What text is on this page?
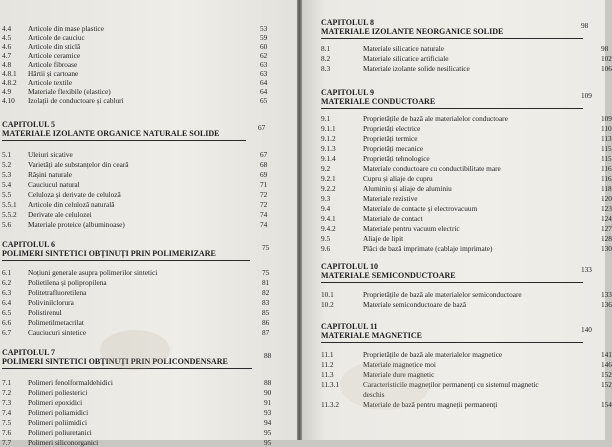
4.4 Articole din mase plastice	53
4.5 Articole de cauciuc	59
4.6 Articole din sticlă	60
4.7 Articole ceramice	62
4.8 Articole fibroase	63
4.8.1 Hârtii și cartoane	63
4.8.2 Articole textile	64
4.9 Materiale flexibile (elastice)	64
4.10 Izolații de conductoare și cabluri	65
CAPITOLUL 5
MATERIALE IZOLANTE ORGANICE NATURALE SOLIDE
67
5.1 Uleiuri sicative	67
5.2 Varietăți ale substanțelor din ceară	68
5.3 Rășini naturale	69
5.4 Cauciucul natural	71
5.5 Celuloza și derivate de celuloză	72
5.5.1 Articole din celuloză naturală	72
5.5.2 Derivate ale celulozei	74
5.6 Materiale proteice (albuminoase)	74
CAPITOLUL 6
POLIMERI SINTETICI OBȚINUȚI PRIN POLIMERIZARE
75
6.1 Noțiuni generale asupra polimerilor sintetici	75
6.2 Polietilena și polipropilena	81
6.3 Politetrafluoretilena	82
6.4 Polivinilclorura	83
6.5 Polistirenul	85
6.6 Polimetilmetacrilat	86
6.7 Cauciucuri sintetice	87
CAPITOLUL 7
POLIMERI SINTETICI OBȚINUȚI PRIN POLICONDENSARE
88
7.1 Polimeri fenolformaldehidici	88
7.2 Polimeri poliesterici	90
7.3 Polimeri epoxidici	91
7.4 Polimeri poliamidici	93
7.5 Polimeri poliimidici	94
7.6 Polimeri poliuretanici	95
7.7 Polimeri siliconorganici	95
CAPITOLUL 8
MATERIALE IZOLANTE NEORGANICE SOLIDE
98
8.1	Materiale silicatice naturale	98
8.2	Materiale silicatice artificiale	102
8.3	Materiale izolante solide nesilicatice	106
CAPITOLUL 9
MATERIALE CONDUCTOARE
109
9.1	Proprietățile de bază ale materialelor conductoare	109
9.1.1	Proprietăți electrice	110
9.1.2	Proprietăți termice	113
9.1.3	Proprietăți mecanice	115
9.1.4	Proprietăți tehnologice	115
9.2	Materiale conductoare cu conductibilitate mare	116
9.2.1	Cupru și aliaje de cupru	116
9.2.2	Aluminiu și aliaje de aluminiu	118
9.3	Materiale rezistive	120
9.4	Materiale de contacte și electrovacuum	123
9.4.1	Materiale de contact	124
9.4.2	Materiale pentru vacuum electric	127
9.5	Aliaje de lipit	128
9.6	Plăci de bază imprimate (cablaje imprimate)	130
CAPITOLUL 10
MATERIALE SEMICONDUCTOARE
133
10.1	Proprietățile de bază ale materialelor semiconductoare	133
10.2	Materiale semiconductoare de bază	136
CAPITOLUL 11
MATERIALE MAGNETICE
140
11.1	Proprietățile de bază ale materialelor magnetice	141
11.2	Materiale magnetice moi	146
11.3	Materiale dure magnetic	152
11.3.1	Caracteristicile magneților permanenți cu sistemul magnetic	152
deschis
11.3.2	Materiale de bază pentru magneții permanenți	154
